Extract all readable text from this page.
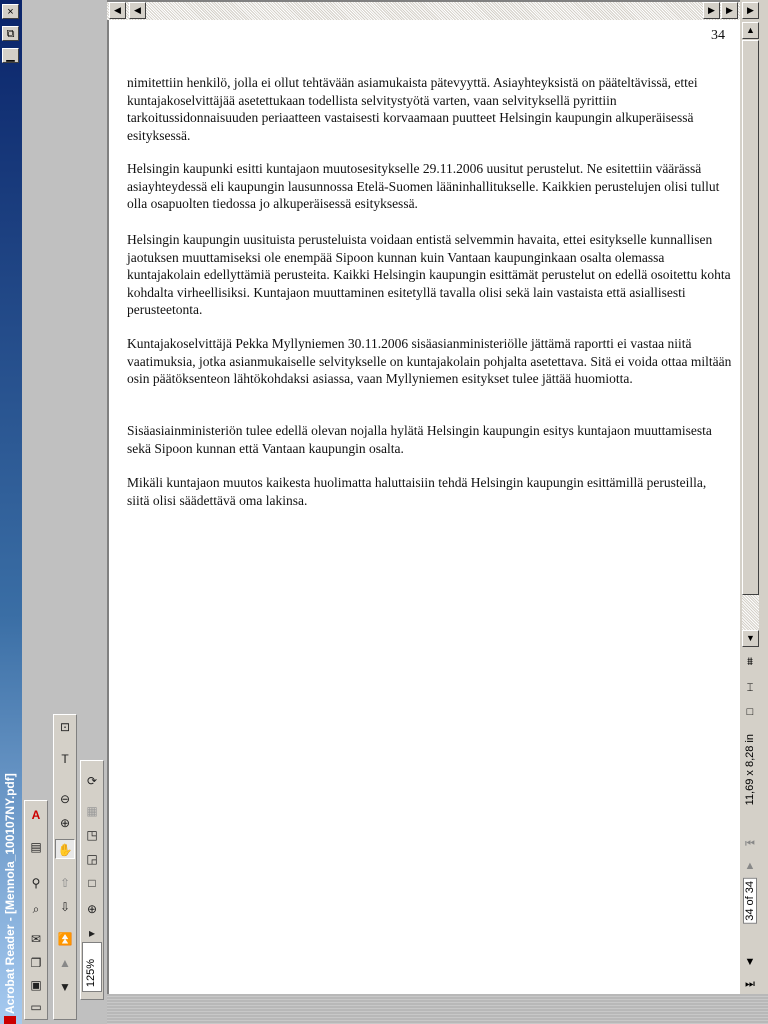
×
⧉
▁
Acrobat Reader - [Mennola_100107NY.pdf]	A
▤
⚲
⌕
✉
❐
▣
▭
⊡
T
⊖
⊕
✋
⇧
⇩
⏫
▲
▼
⟳
▦
◳
◲
□
⊕
▸
125%
◀	◀	▶	▶
34
nimitettiin henkilö, jolla ei ollut tehtävään asiamukaista pätevyyttä. Asiayhteyksistä on pääteltävissä, ettei kuntajakoselvittäjää asetettukaan todellista selvitystyötä varten, vaan selvityksellä pyrittiin tarkoitussidonnaisuuden periaatteen vastaisesti korvaamaan puutteet Helsingin kaupungin alkuperäisessä esityksessä.
Helsingin kaupunki esitti kuntajaon muutosesitykselle 29.11.2006 uusitut perustelut. Ne esitettiin väärässä asiayhteydessä eli kaupungin lausunnossa Etelä-Suomen lääninhallitukselle. Kaikkien perustelujen olisi tullut olla osapuolten tiedossa jo alkuperäisessä esityksessä.
Helsingin kaupungin uusituista perusteluista voidaan entistä selvemmin havaita, ettei esitykselle kunnallisen jaotuksen muuttamiseksi ole enempää Sipoon kunnan kuin Vantaan kaupunginkaan osalta olemassa kuntajakolain edellyttämiä perusteita. Kaikki Helsingin kaupungin esittämät perustelut on edellä osoitettu kohta kohdalta virheellisiksi. Kuntajaon muuttaminen esitetyllä tavalla olisi sekä lain vastaista että asiallisesti perusteetonta.
Kuntajakoselvittäjä Pekka Myllyniemen 30.11.2006 sisäasianministeriölle jättämä raportti ei vastaa niitä vaatimuksia, jotka asianmukaiselle selvitykselle on kuntajakolain pohjalta asetettava. Sitä ei voida ottaa miltään osin päätöksenteon lähtökohdaksi asiassa, vaan Myllyniemen esitykset tulee jättää huomiotta.
Sisäasiainministeriön tulee edellä olevan nojalla hylätä Helsingin kaupungin esitys kuntajaon muuttamisesta sekä Sipoon kunnan että Vantaan kaupungin osalta.
Mikäli kuntajaon muutos kaikesta huolimatta haluttaisiin tehdä Helsingin kaupungin esittämillä perusteilla, siitä olisi säädettävä oma lakinsa.
▶
▲
▼
⩩
⌶
□
11,69 x 8,28 in
⏮
▲
34 of 34
▼
⏭
